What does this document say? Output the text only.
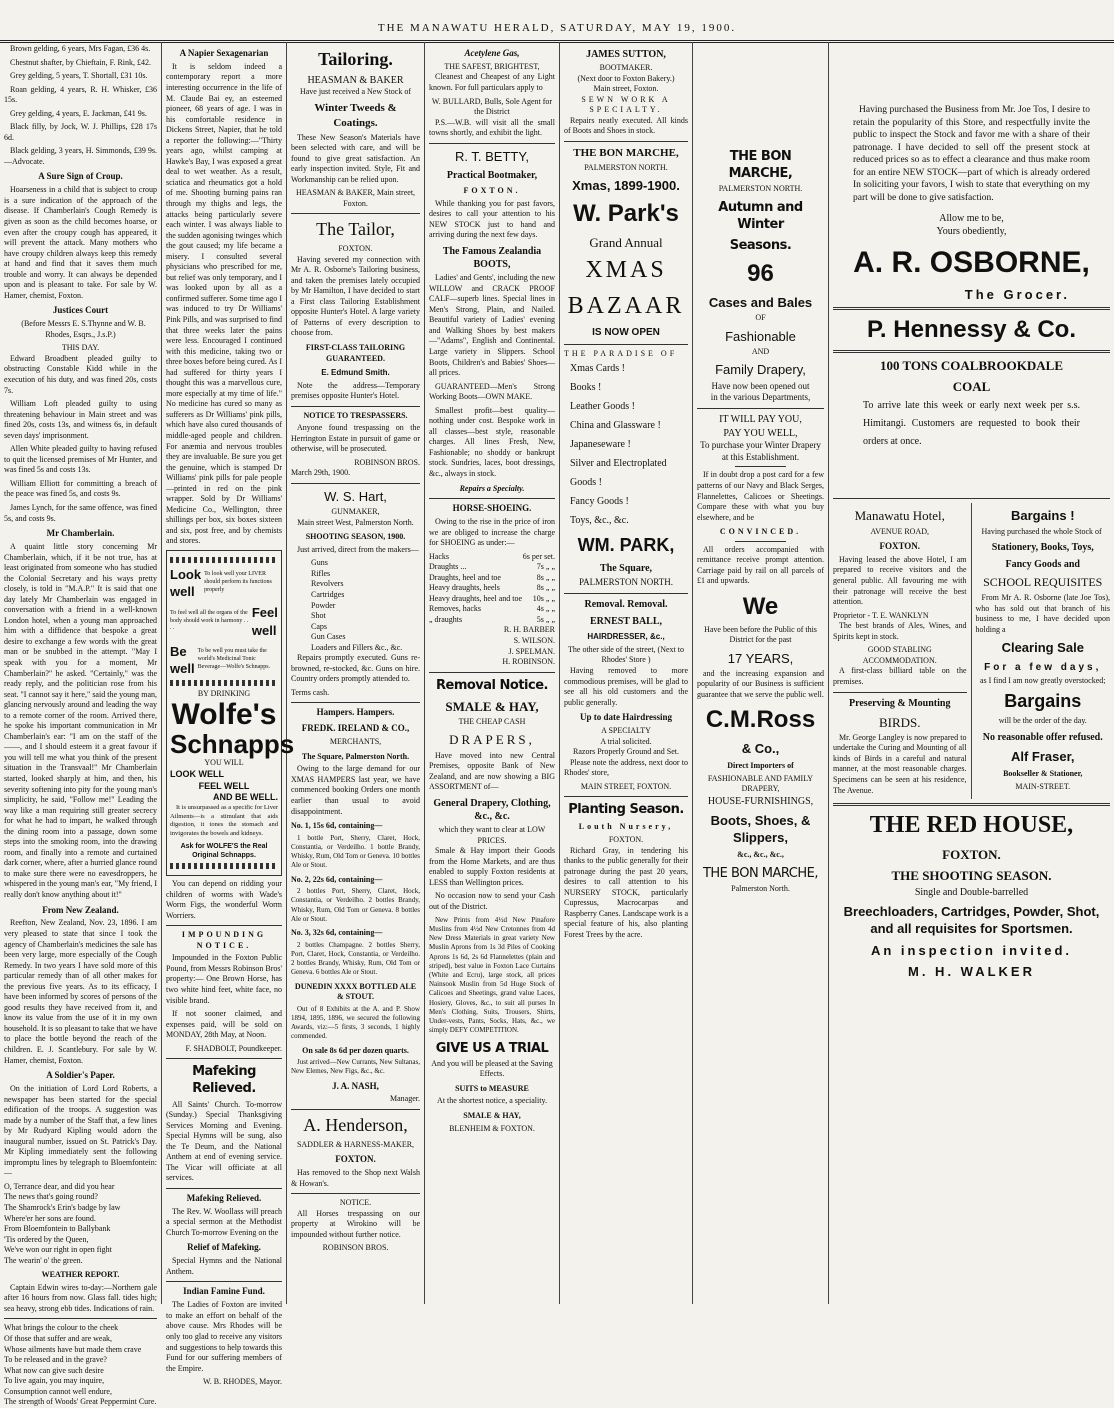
THE MANAWATU HERALD, SATURDAY, MAY 19, 1900.

Brown gelding, 6 years, Mrs Fagan, £36 4s.

Chestnut shafter, by Chieftain, F. Rink, £42.

Grey gelding, 5 years, T. Shortall, £31 10s.

Roan gelding, 4 years, R. H. Whisker, £36 15s.

Grey gelding, 4 years, E. Jackman, £41 9s.

Black filly, by Jock, W. J. Phillips, £28 17s 6d.

Black gelding, 3 years, H. Simmonds, £39 9s.—Advocate.

A Sure Sign of Croup.

Hoarseness in a child that is subject to croup is a sure indication of the approach of the disease. If Chamberlain's Cough Remedy is given as soon as the child becomes hoarse, or even after the croupy cough has appeared, it will prevent the attack. Many mothers who have croupy children always keep this remedy at hand and find that it saves them much trouble and worry. It can always be depended upon and is pleasant to take. For sale by W. Hamer, chemist, Foxton.

Justices Court

(Before Messrs E. S.Thynne and W. B. Rhodes, Esqrs., J.s.P.)

THIS DAY.

Edward Broadbent pleaded guilty to obstructing Constable Kidd while in the execution of his duty, and was fined 20s, costs 7s.

William Loft pleaded guilty to using threatening behaviour in Main street and was fined 20s, costs 13s, and witness 6s, in default seven days' imprisonment.

Allen White pleaded guilty to having refused to quit the licensed premises of Mr Hunter, and was fined 5s and costs 13s.

William Elliott for committing a breach of the peace was fined 5s, and costs 9s.

James Lynch, for the same offence, was fined 5s, and costs 9s.

Mr Chamberlain.

A quaint little story concerning Mr Chamberlain, which, if it be not true, has at least originated from someone who has studied the Colonial Secretary and his ways pretty closely, is told in "M.A.P." It is said that one day lately Mr Chamberlain was engaged in conversation with a friend in a well-known London hotel, when a young man approached him with a diffidence that bespoke a great desire to exchange a few words with the great man or be snubbed in the attempt. "May I speak with you for a moment, Mr Chamberlain?" he asked. "Certainly," was the ready reply, and the politician rose from his seat. "I cannot say it here," said the young man, glancing nervously around and leading the way to a remote corner of the room. Arrived there, he spoke his important communication in Mr Chamberlain's ear: "I am on the staff of the ——, and I should esteem it a great favour if you will tell me what you think of the present situation in the Transvaal!" Mr Chamberlain started, looked sharply at him, and then, his severity softening into pity for the young man's simplicity, he said, "Follow me!" Leading the way like a man requiring still greater secrecy for what he had to impart, he walked through the dining room into a passage, down some steps into the smoking room, into the drawing room, and finally into a remote and curtained dark corner, where, after a hurried glance round to make sure there were no eavesdroppers, he whispered in the young man's ear, "My friend, I really don't know anything about it!"

From New Zealand.

Reefton, New Zealand, Nov. 23, 1896. I am very pleased to state that since I took the agency of Chamberlain's medicines the sale has been very large, more especially of the Cough Remedy. In two years I have sold more of this particular remedy than of all other makes for the previous five years. As to its efficacy, I have been informed by scores of persons of the good results they have received from it, and know its value from the use of it in my own household. It is so pleasant to take that we have to place the bottle beyond the reach of the children. E. J. Scantlebury. For sale by W. Hamer, chemist, Foxton.

A Soldier's Paper.

On the initiation of Lord Lord Roberts, a newspaper has been started for the special edification of the troops. A suggestion was made by a number of the Staff that, a few lines by Mr Rudyard Kipling would adorn the inaugural number, issued on St. Patrick's Day. Mr Kipling immediately sent the following impromptu lines by telegraph to Bloemfontein:—

O, Terrance dear, and did you hear
The news that's going round?
The Shamrock's Erin's badge by law
Where'er her sons are found.
From Bloemfontein to Ballybank
'Tis ordered by the Queen,
We've won our right in open fight
The wearin' o' the green.
WEATHER REPORT.

Captain Edwin wires to-day:—Northern gale after 16 hours from now. Glass fall. tides high; sea heavy, strong ebb tides. Indications of rain.

What brings the colour to the cheek
Of those that suffer and are weak,
Whose ailments have but made them crave
To be released and in the grave?
What now can give such desire
To live again, you may inquire,
Consumption cannot well endure,
The strength of Woods' Great Peppermint Cure.
A Napier Sexagenarian

It is seldom indeed a contemporary report a more interesting occurrence in the life of M. Claude Bai ey, an esteemed pioneer, 68 years of age. I was in his comfortable residence in Dickens Street, Napier, that he told a reporter the following:—"Thirty years ago, whilst camping at Hawke's Bay, I was exposed a great deal to wet weather. As a result, sciatica and rheumatics got a hold of me. Shooting burning pains ran through my thighs and legs, the attacks being particularly severe each winter. I was always liable to the sudden agonising twinges which the gout caused; my life became a misery. I consulted several physicians who prescribed for me, but relief was only temporary, and I was looked upon by all as a confirmed sufferer. Some time ago I was induced to try Dr Williams' Pink Pills, and was surprised to find that three weeks later the pains were less. Encouraged I continued with this medicine, taking two or three boxes before being cured. As I had suffered for thirty years I thought this was a marvellous cure, more especially at my time of life." No medicine has cured so many as sufferers as Dr Williams' pink pills, which have also cured thousands of middle-aged people and children. For anæmia and nervous troubles they are invaluable. Be sure you get the genuine, which is stamped Dr Williams' pink pills for pale people—printed in red on the pink wrapper. Sold by Dr Williams' Medicine Co., Wellington, three shillings per box, six boxes sixteen and six, post free, and by chemists and stores.

Look well
To look well your LIVER should perform its functions properly
To feel well all the organs of the body should work in harmony . . . .
Feel well
Be well
To be well you must take the world's Medicinal Tonic Beverage—Wolfe's Schnapps.
BY DRINKING
Wolfe's
Schnapps
YOU WILL
LOOK WELL
FEEL WELL
AND BE WELL.

It is unsurpassed as a specific for Liver Ailments—is a stimulant that aids digestion, it tones the stomach and invigorates the bowels and kidneys.

Ask for WOLFE'S the Real Original Schnapps.

You can depend on ridding your children of worms with Wade's Worm Figs, the wonderful Worm Worriers.

IMPOUNDING NOTICE.

Impounded in the Foxton Public Pound, from Messrs Robinson Bros' property:— One Brown Horse, has two white hind feet, white face, no visible brand.

If not sooner claimed, and expenses paid, will be sold on MONDAY, 28th May, at Noon.

F. SHADBOLT, Poundkeeper.
Mafeking Relieved.

All Saints' Church. To-morrow (Sunday.) Special Thanksgiving Services Morning and Evening. Special Hymns will be sung, also the Te Deum, and the National Anthem at end of evening service. The Vicar will officiate at all services.

Mafeking Relieved.

The Rev. W. Woollass will preach a special sermon at the Methodist Church To-morrow Evening on the

Relief of Mafeking.

Special Hymns and the National Anthem.

Indian Famine Fund.

The Ladies of Foxton are invited to make an effort on behalf of the above cause. Mrs Rhodes will be only too glad to receive any visitors and suggestions to help towards this Fund for our suffering members of the Empire.

W. B. RHODES, Mayor.
Tailoring.
HEASMAN & BAKER
Have just received a New Stock of
Winter Tweeds & Coatings.

These New Season's Materials have been selected with care, and will be found to give great satisfaction. An early inspection invited. Style, Fit and Workmanship can be relied upon.

HEASMAN & BAKER, Main street, Foxton.
The Tailor,
FOXTON.

Having severed my connection with Mr A. R. Osborne's Tailoring business, and taken the premises lately occupied by Mr Hamilton, I have decided to start a First class Tailoring Establishment opposite Hunter's Hotel. A large variety of Patterns of every description to choose from.

FIRST-CLASS TAILORING GUARANTEED.
E. Edmund Smith.

Note the address—Temporary premises opposite Hunter's Hotel.

NOTICE TO TRESPASSERS.

Anyone found trespassing on the Herrington Estate in pursuit of game or otherwise, will be prosecuted.

ROBINSON BROS.
March 29th, 1900.
W. S. Hart,
GUNMAKER,
Main street West, Palmerston North.
SHOOTING SEASON, 1900.

Just arrived, direct from the makers—

Guns
Rifles
Revolvers
Cartridges
Powder
Shot
Caps
Gun Cases
Loaders and Fillers &c., &c.

Repairs promptly executed. Guns re-browned, re-stocked, &c. Guns on hire. Country orders promptly attended to.

Terms cash.
Hampers. Hampers.
FREDK. IRELAND & CO.,
MERCHANTS,
The Square, Palmerston North.

Owing to the large demand for our XMAS HAMPERS last year, we have commenced booking Orders one month earlier than usual to avoid disappointment.

No. 1, 15s 6d, containing—

1 bottle Port, Sherry, Claret, Hock, Constantia, or Verdeilho. 1 bottle Brandy, Whisky, Rum, Old Tom or Geneva. 10 bottles Ale or Stout.

No. 2, 22s 6d, containing—

2 bottles Port, Sherry, Claret, Hock, Constantia, or Verdeilho. 2 bottles Brandy, Whisky, Rum, Old Tom or Geneva. 8 bottles Ale or Stout.

No. 3, 32s 6d, containing—

2 bottles Champagne. 2 bottles Sherry, Port, Claret, Hock, Constantia, or Verdeilho. 2 bottles Brandy, Whisky, Rum, Old Tom or Geneva. 6 bottles Ale or Stout.

DUNEDIN XXXX BOTTLED ALE & STOUT.

Out of 8 Exhibits at the A. and P. Show 1894, 1895, 1896, we secured the following Awards, viz:—5 firsts, 3 seconds, 1 highly commended.

On sale 8s 6d per dozen quarts.

Just arrived—New Currants, New Sultanas, New Elemes, New Figs, &c., &c.

J. A. NASH,
Manager.
A. Henderson,
SADDLER & HARNESS-MAKER,
FOXTON.

Has removed to the Shop next Walsh & Howan's.

NOTICE.

All Horses trespassing on our property at Wirokino will be impounded without further notice.

ROBINSON BROS.
Acetylene Gas,
THE SAFEST, BRIGHTEST,

Cleanest and Cheapest of any Light known. For full particulars apply to

W. BULLARD, Bulls, Sole Agent for the District

P.S.—W.B. will visit all the small towns shortly, and exhibit the light.

R. T. BETTY,
Practical Bootmaker,
FOXTON.

While thanking you for past favors, desires to call your attention to his NEW STOCK just to hand and arriving during the next few days.

The Famous Zealandia BOOTS,

Ladies' and Gents', including the new WILLOW and CRACK PROOF CALF—superb lines. Special lines in Men's Strong, Plain, and Nailed. Beautiful variety of Ladies' evening and Walking Shoes by best makers—"Adams", English and Continental. Large variety in Slippers. School Boots, Children's and Babies' Shoes—all prices.

GUARANTEED—Men's Strong Working Boots—OWN MAKE.

Smallest profit—best quality—nothing under cost. Bespoke work in all classes—best style, reasonable charges. All lines Fresh, New, Fashionable; no shoddy or bankrupt stock. Sundries, laces, boot dressings, &c., always in stock.

Repairs a Specialty.
HORSE-SHOEING.

Owing to the rise in the price of iron we are obliged to increase the charge for SHOEING as under:—

Hacks	6s per set.
Draughts ...	7s „ „
Draughts, heel and toe	8s „ „
Heavy draughts, heels	8s „ „
Heavy draughts, heel and toe 10s „ „
Removes, hacks	4s „ „
„ draughts	5s „ „
R. H. BARBER
S. WILSON.
J. SPELMAN.
H. ROBINSON.
Removal Notice.
SMALE & HAY,
THE CHEAP CASH
DRAPERS,

Have moved into new Central Premises, opposite Bank of New Zealand, and are now showing a BIG ASSORTMENT of—

General Drapery, Clothing, &c., &c.
which they want to clear at LOW PRICES.

Smale & Hay import their Goods from the Home Markets, and are thus enabled to supply Foxton residents at LESS than Wellington prices.

No occasion now to send your Cash out of the District.

New Prints from 4½d New Pinafore Muslins from 4½d New Cretonnes from 4d New Dress Materials in great variety New Muslin Aprons from 1s 3d Piles of Cooking Aprons 1s 6d, 2s 6d Flannelettes (plain and striped), best value in Foxton Lace Curtains (White and Ecru), large stock, all prices Nainsook Muslin from 5d Huge Stock of Calicoes and Sheetings, grand value Laces, Hosiery, Gloves, &c., to suit all purses In Men's Clothing, Suits, Trousers, Shirts, Under-vests, Pants, Socks, Hats, &c., we simply DEFY COMPETITION.

GIVE US A TRIAL
And you will be pleased at the Saving Effects.
SUITS to MEASURE
At the shortest notice, a speciality.
SMALE & HAY,
BLENHEIM & FOXTON.
JAMES SUTTON,
BOOTMAKER.
(Next door to Foxton Bakery.)
Main street, Foxton.
SEWN WORK A SPECIALTY.

Repairs neatly executed. All kinds of Boots and Shoes in stock.

THE BON MARCHE,
PALMERSTON NORTH.
Xmas, 1899-1900.
W. Park's
Grand Annual
XMAS
BAZAAR
IS NOW OPEN
THE PARADISE OF
Xmas Cards !
Books !
Leather Goods !
China and Glassware !
Japaneseware !
Silver and Electroplated Goods !
Fancy Goods !
Toys, &c., &c.
WM. PARK,
The Square,
PALMERSTON NORTH.
Removal. Removal.
ERNEST BALL,
HAIRDRESSER, &c.,
The other side of the street, (Next to Rhodes' Store )

Having removed to more commodious premises, will be glad to see all his old customers and the public generally.

Up to date Hairdressing
A SPECIALTY
A trial solicited.
Razors Properly Ground and Set.

Please note the address, next door to Rhodes' store,

MAIN STREET, FOXTON.
Planting Season.
Louth Nursery,
FOXTON.

Richard Gray, in tendering his thanks to the public generally for their patronage during the past 20 years, desires to call attention to his NURSERY STOCK, particularly Cupressus, Macrocarpas and Raspberry Canes. Landscape work is a special feature of his, also planting Forest Trees by the acre.

THE BON MARCHE,
PALMERSTON NORTH.
Autumn and Winter
Seasons.
96
Cases and Bales
OF
Fashionable
AND
Family Drapery,
Have now been opened out
in the various Departments,
IT WILL PAY YOU,
PAY YOU WELL,
To purchase your Winter Drapery at this Establishment.

If in doubt drop a post card for a few patterns of our Navy and Black Serges, Flannelettes, Calicoes or Sheetings. Compare these with what you buy elsewhere, and be

CONVINCED.

All orders accompanied with remittance receive prompt attention. Carriage paid by rail on all parcels of £1 and upwards.

We
Have been before the Public of this District for the past
17 YEARS,

and the increasing expansion and popularity of our Business is sufficient guarantee that we serve the public well.

C.M.Ross
& Co.,
Direct Importers of
FASHIONABLE AND FAMILY DRAPERY,
HOUSE-FURNISHINGS,
Boots, Shoes, & Slippers,
&c., &c., &c.,
THE BON MARCHE,
Palmerston North.

Having purchased the Business from Mr. Joe Tos, I desire to retain the popularity of this Store, and respectfully invite the public to inspect the Stock and favor me with a share of their patronage. I have decided to sell off the present stock at reduced prices so as to effect a clearance and thus make room for an entire NEW STOCK—part of which is already ordered In soliciting your favors, I wish to state that everything on my part will be done to give satisfaction.

Allow me to be,
Yours obediently,
A. R. OSBORNE,
The Grocer.
P. Hennessy & Co.
100 TONS COALBROOKDALE
COAL

To arrive late this week or early next week per s.s. Himitangi. Customers are requested to book their orders at once.

Manawatu Hotel,
AVENUE ROAD,
FOXTON.

Having leased the above Hotel, I am prepared to receive visitors and the general public. All favouring me with their patronage will receive the best attention.

Proprietor - T. E. WANKLYN

The best brands of Ales, Wines, and Spirits kept in stock.

GOOD STABLING ACCOMMODATION.

A first-class billiard table on the premises.

Preserving & Mounting
BIRDS.

Mr. George Langley is now prepared to undertake the Curing and Mounting of all kinds of Birds in a careful and natural manner, at the most reasonable charges. Specimens can be seen at his residence, The Avenue.

Bargains !

Having purchased the whole Stock of

Stationery, Books, Toys,
Fancy Goods and
SCHOOL REQUISITES

From Mr A. R. Osborne (late Joe Tos), who has sold out that branch of his business to me, I have decided upon holding a

Clearing Sale
For a few days,
as I find I am now greatly overstocked;
Bargains
will be the order of the day.
No reasonable offer refused.
Alf Fraser,
Bookseller & Stationer,
MAIN-STREET.
THE RED HOUSE,
FOXTON.
THE SHOOTING SEASON.
Single and Double-barrelled
Breechloaders, Cartridges, Powder, Shot, and all requisites for Sportsmen.
An inspection invited.
M. H. WALKER
